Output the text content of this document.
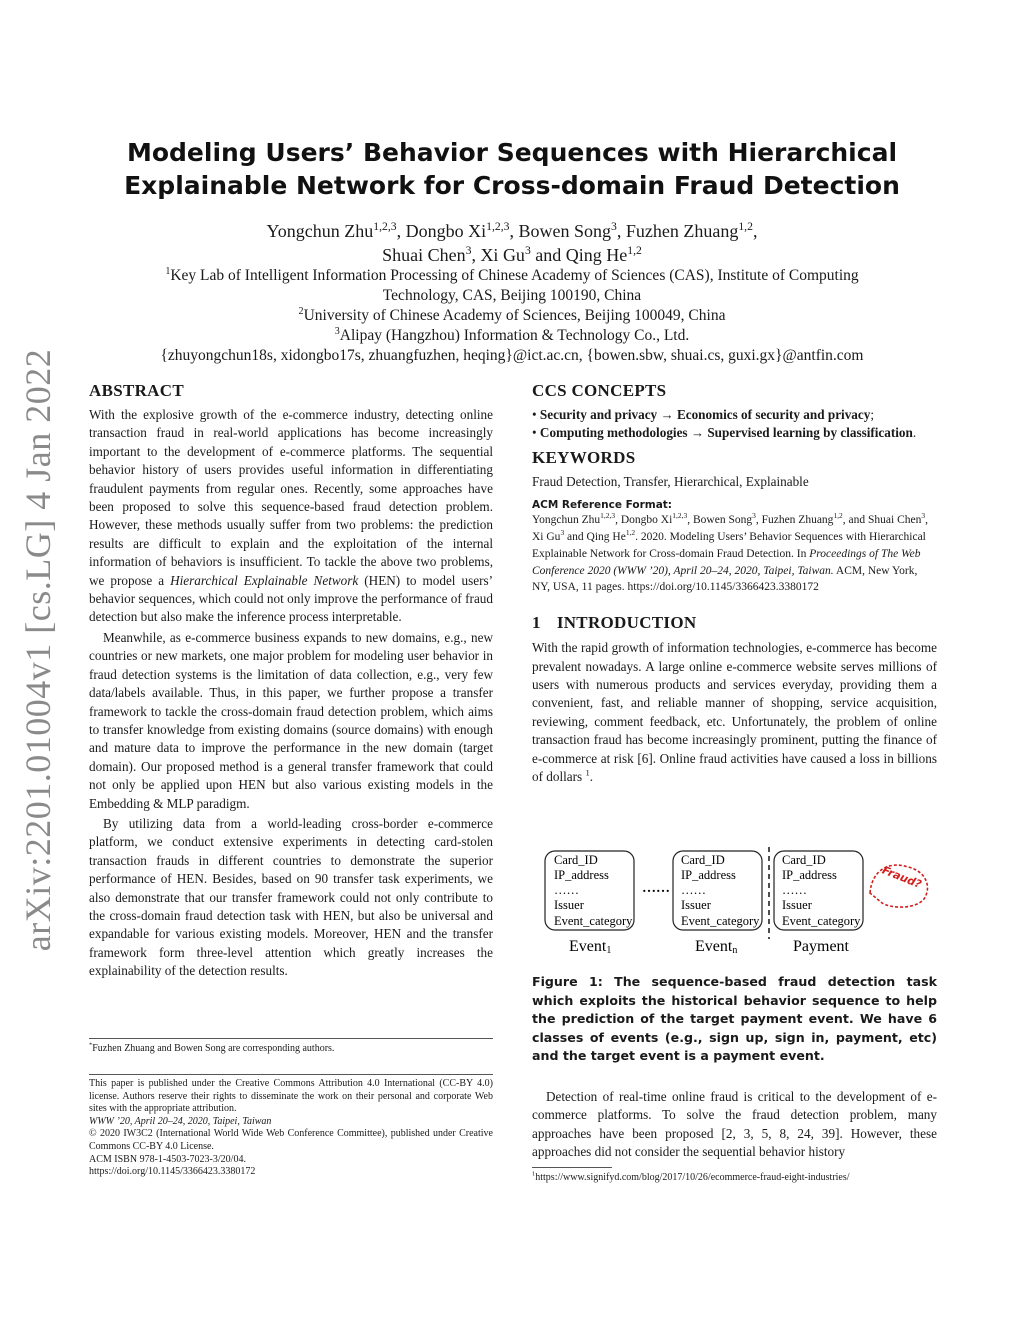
arXiv:2201.01004v1 [cs.LG] 4 Jan 2022
Modeling Users’ Behavior Sequences with Hierarchical
Explainable Network for Cross-domain Fraud Detection
Yongchun Zhu$^{1,2,3}$, Dongbo Xi$^{1,2,3}$, Bowen Song$^3$, Fuzhen Zhuang$^{1,2}$,
Shuai Chen$^3$, Xi Gu$^3$ and Qing He$^{1,2}$

$^1$Key Lab of Intelligent Information Processing of Chinese Academy of Sciences (CAS), Institute of Computing

Technology, CAS, Beijing 100190, China

$^2$University of Chinese Academy of Sciences, Beijing 100049, China

$^3$Alipay (Hangzhou) Information & Technology Co., Ltd.

{zhuyongchun18s, xidongbo17s, zhuangfuzhen, heqing}@ict.ac.cn, {bowen.sbw, shuai.cs, guxi.gx}@antfin.com

ABSTRACT

With the explosive growth of the e-commerce industry, detecting online transaction fraud in real-world applications has become increasingly important to the development of e-commerce platforms. The sequential behavior history of users provides useful information in differentiating fraudulent payments from regular ones. Recently, some approaches have been proposed to solve this sequence-based fraud detection problem. However, these methods usually suffer from two problems: the prediction results are difficult to explain and the exploitation of the internal information of behaviors is insufficient. To tackle the above two problems, we propose a Hierarchical Explainable Network (HEN) to model users’ behavior sequences, which could not only improve the performance of fraud detection but also make the inference process interpretable.

Meanwhile, as e-commerce business expands to new domains, e.g., new countries or new markets, one major problem for modeling user behavior in fraud detection systems is the limitation of data collection, e.g., very few data/labels available. Thus, in this paper, we further propose a transfer framework to tackle the cross-domain fraud detection problem, which aims to transfer knowledge from existing domains (source domains) with enough and mature data to improve the performance in the new domain (target domain). Our proposed method is a general transfer framework that could not only be applied upon HEN but also various existing models in the Embedding & MLP paradigm.

By utilizing data from a world-leading cross-border e-commerce platform, we conduct extensive experiments in detecting card-stolen transaction frauds in different countries to demonstrate the superior performance of HEN. Besides, based on 90 transfer task experiments, we also demonstrate that our transfer framework could not only contribute to the cross-domain fraud detection task with HEN, but also be universal and expandable for various existing models. Moreover, HEN and the transfer framework form three-level attention which greatly increases the explainability of the detection results.

*Fuzhen Zhuang and Bowen Song are corresponding authors.

This paper is published under the Creative Commons Attribution 4.0 International (CC-BY 4.0) license. Authors reserve their rights to disseminate the work on their personal and corporate Web sites with the appropriate attribution.

WWW ’20, April 20–24, 2020, Taipei, Taiwan

© 2020 IW3C2 (International World Wide Web Conference Committee), published under Creative Commons CC-BY 4.0 License.

ACM ISBN 978-1-4503-7023-3/20/04.

https://doi.org/10.1145/3366423.3380172

CCS CONCEPTS

• Security and privacy → Economics of security and privacy;

• Computing methodologies → Supervised learning by classification.

KEYWORDS

Fraud Detection, Transfer, Hierarchical, Explainable

ACM Reference Format:

Yongchun Zhu$^{1,2,3}$, Dongbo Xi$^{1,2,3}$, Bowen Song$^3$, Fuzhen Zhuang$^{1,2}$, and Shuai Chen$^3$, Xi Gu$^3$ and Qing He$^{1,2}$. 2020. Modeling Users’ Behavior Sequences with Hierarchical Explainable Network for Cross-domain Fraud Detection. In Proceedings of The Web Conference 2020 (WWW ’20), April 20–24, 2020, Taipei, Taiwan. ACM, New York, NY, USA, 11 pages. https://doi.org/10.1145/3366423.3380172

1 INTRODUCTION

With the rapid growth of information technologies, e-commerce has become prevalent nowadays. A large online e-commerce website serves millions of users with numerous products and services everyday, providing them a convenient, fast, and reliable manner of shopping, service acquisition, reviewing, comment feedback, etc. Unfortunately, the problem of online transaction fraud has become increasingly prominent, putting the finance of e-commerce at risk [6]. Online fraud activities have caused a loss in billions of dollars $^1$.

Card_ID
IP_address
……
Issuer
Event_category
……
Card_ID
IP_address
……
Issuer
Event_category
Card_ID
IP_address
……
Issuer
Event_category
Fraud?
Event1	Eventn	Payment

Figure 1: The sequence-based fraud detection task which exploits the historical behavior sequence to help the prediction of the target payment event. We have 6 classes of events (e.g., sign up, sign in, payment, etc) and the target event is a payment event.

Detection of real-time online fraud is critical to the development of e-commerce platforms. To solve the fraud detection problem, many approaches have been proposed [2, 3, 5, 8, 24, 39]. However, these approaches did not consider the sequential behavior history

$^1$https://www.signifyd.com/blog/2017/10/26/ecommerce-fraud-eight-industries/
